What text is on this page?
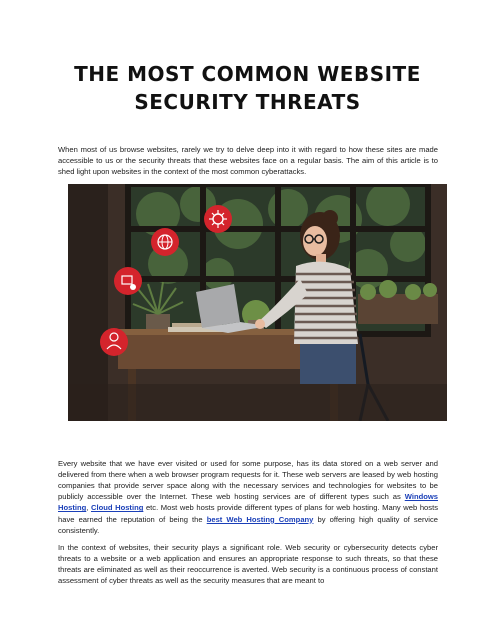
THE MOST COMMON WEBSITE
SECURITY THREATS

When most of us browse websites, rarely we try to delve deep into it with regard to how these sites are made accessible to us or the security threats that these websites face on a regular basis. The aim of this article is to shed light upon websites in the context of the most common cyberattacks.

Every website that we have ever visited or used for some purpose, has its data stored on a web server and delivered from there when a web browser program requests for it. These web servers are leased by web hosting companies that provide server space along with the necessary services and technologies for websites to be publicly accessible over the Internet. These web hosting services are of different types such as Windows Hosting, Cloud Hosting etc. Most web hosts provide different types of plans for web hosting. Many web hosts have earned the reputation of being the best Web Hosting Company by offering high quality of service consistently.

In the context of websites, their security plays a significant role. Web security or cybersecurity detects cyber threats to a website or a web application and ensures an appropriate response to such threats, so that these threats are eliminated as well as their reoccurrence is averted. Web security is a continuous process of constant assessment of cyber threats as well as the security measures that are meant to
